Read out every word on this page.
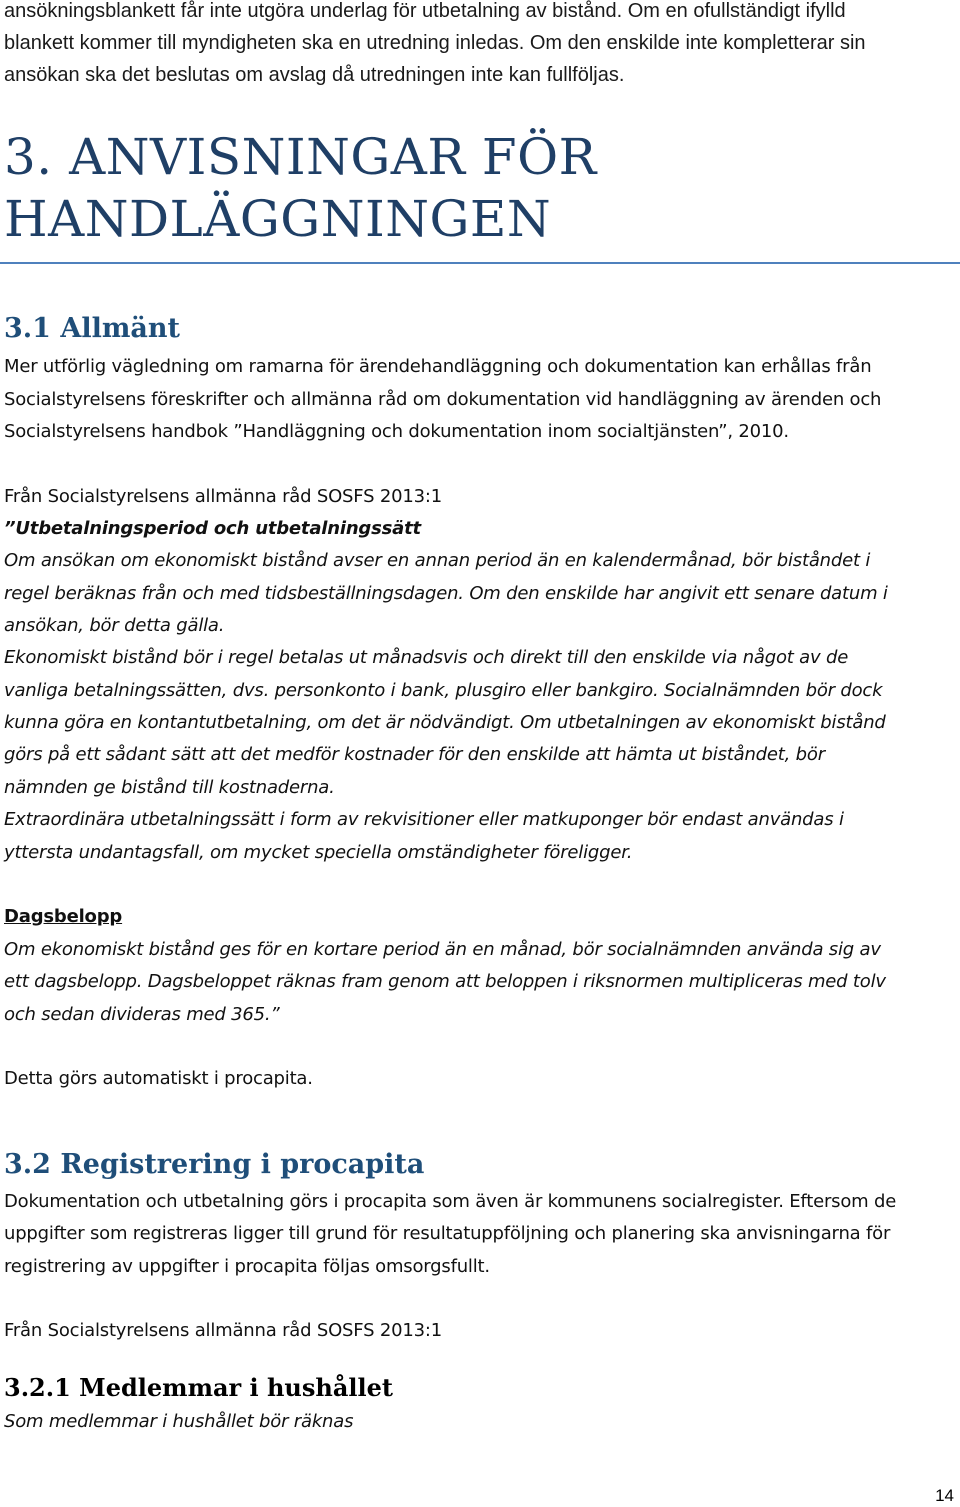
ansökningsblankett får inte utgöra underlag för utbetalning av bistånd. Om en ofullständigt ifylld
blankett kommer till myndigheten ska en utredning inledas. Om den enskilde inte kompletterar sin
ansökan ska det beslutas om avslag då utredningen inte kan fullföljas.
3. ANVISNINGAR FÖR
HANDLÄGGNINGEN
3.1 Allmänt
Mer utförlig vägledning om ramarna för ärendehandläggning och dokumentation kan erhållas från
Socialstyrelsens föreskrifter och allmänna råd om dokumentation vid handläggning av ärenden och
Socialstyrelsens handbok ”Handläggning och dokumentation inom socialtjänsten”, 2010.
Från Socialstyrelsens allmänna råd SOSFS 2013:1
”Utbetalningsperiod och utbetalningssätt
Om ansökan om ekonomiskt bistånd avser en annan period än en kalendermånad, bör biståndet i
regel beräknas från och med tidsbeställningsdagen. Om den enskilde har angivit ett senare datum i
ansökan, bör detta gälla.
Ekonomiskt bistånd bör i regel betalas ut månadsvis och direkt till den enskilde via något av de
vanliga betalningssätten, dvs. personkonto i bank, plusgiro eller bankgiro. Socialnämnden bör dock
kunna göra en kontantutbetalning, om det är nödvändigt. Om utbetalningen av ekonomiskt bistånd
görs på ett sådant sätt att det medför kostnader för den enskilde att hämta ut biståndet, bör
nämnden ge bistånd till kostnaderna.
Extraordinära utbetalningssätt i form av rekvisitioner eller matkuponger bör endast användas i
yttersta undantagsfall, om mycket speciella omständigheter föreligger.
Dagsbelopp
Om ekonomiskt bistånd ges för en kortare period än en månad, bör socialnämnden använda sig av
ett dagsbelopp. Dagsbeloppet räknas fram genom att beloppen i riksnormen multipliceras med tolv
och sedan divideras med 365.”
Detta görs automatiskt i procapita.
3.2 Registrering i procapita
Dokumentation och utbetalning görs i procapita som även är kommunens socialregister. Eftersom de
uppgifter som registreras ligger till grund för resultatuppföljning och planering ska anvisningarna för
registrering av uppgifter i procapita följas omsorgsfullt.
Från Socialstyrelsens allmänna råd SOSFS 2013:1
3.2.1 Medlemmar i hushållet
Som medlemmar i hushållet bör räknas
14
